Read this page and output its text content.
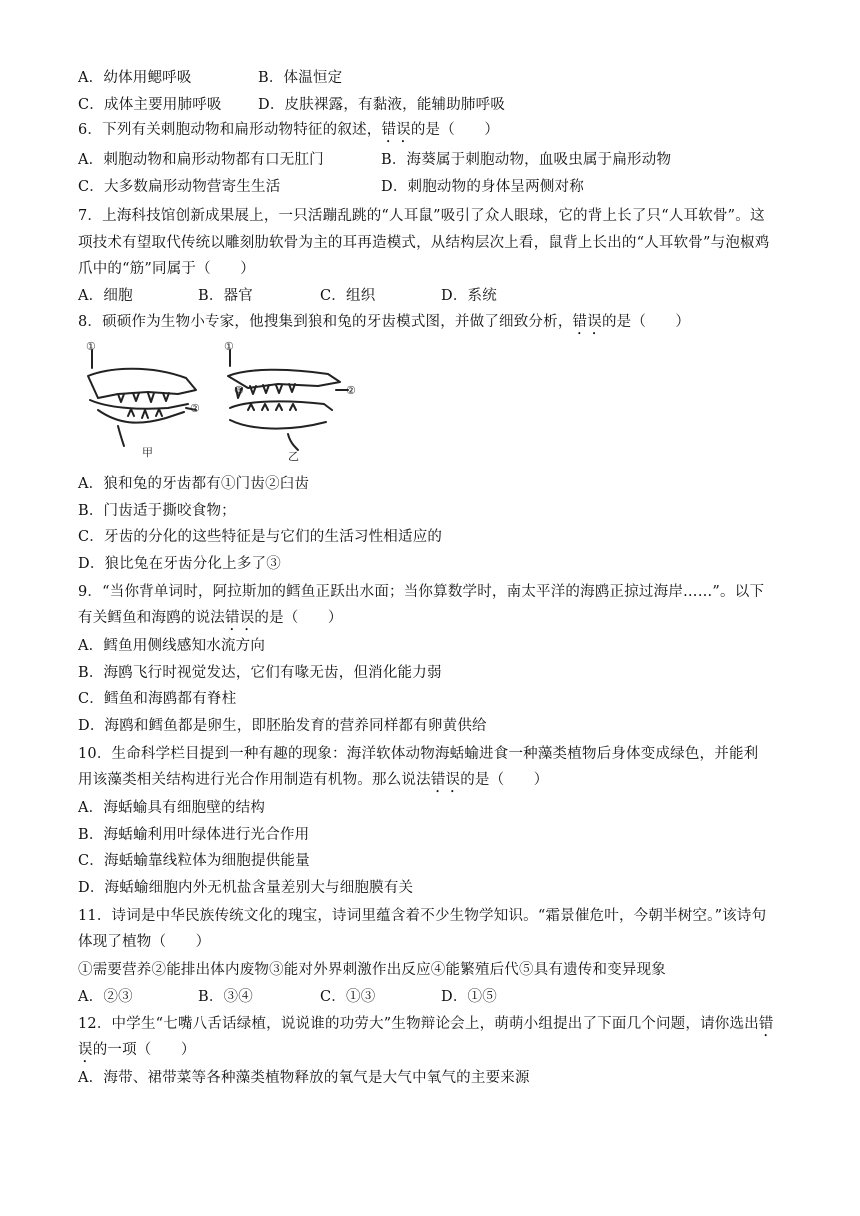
A．幼体用鳃呼吸	B．体温恒定
C．成体主要用肺呼吸	D．皮肤裸露，有黏液，能辅助肺呼吸
6．下列有关刺胞动物和扁形动物特征的叙述，错误的是（　　）
A．刺胞动物和扁形动物都有口无肛门	B．海葵属于刺胞动物，血吸虫属于扁形动物
C．大多数扁形动物营寄生生活	D．刺胞动物的身体呈两侧对称
7．上海科技馆创新成果展上，一只活蹦乱跳的“人耳鼠”吸引了众人眼球，它的背上长了只“人耳软骨”。这
项技术有望取代传统以雕刻肋软骨为主的耳再造模式，从结构层次上看，鼠背上长出的“人耳软骨”与泡椒鸡
爪中的“筋”同属于（　　）
A．细胞	B．器官	C．组织	D．系统
8．硕硕作为生物小专家，他搜集到狼和兔的牙齿模式图，并做了细致分析，错误的是（　　）
①
②
①
②
③
甲	乙
A．狼和兔的牙齿都有①门齿②臼齿
B．门齿适于撕咬食物；
C．牙齿的分化的这些特征是与它们的生活习性相适应的
D．狼比兔在牙齿分化上多了③
9．“当你背单词时，阿拉斯加的鳕鱼正跃出水面；当你算数学时，南太平洋的海鸥正掠过海岸……”。以下
有关鳕鱼和海鸥的说法错误的是（　　）
A．鳕鱼用侧线感知水流方向
B．海鸥飞行时视觉发达，它们有喙无齿，但消化能力弱
C．鳕鱼和海鸥都有脊柱
D．海鸥和鳕鱼都是卵生，即胚胎发育的营养同样都有卵黄供给
10．生命科学栏目提到一种有趣的现象：海洋软体动物海蛞蝓进食一种藻类植物后身体变成绿色，并能利
用该藻类相关结构进行光合作用制造有机物。那么说法错误的是（　　）
A．海蛞蝓具有细胞壁的结构
B．海蛞蝓利用叶绿体进行光合作用
C．海蛞蝓靠线粒体为细胞提供能量
D．海蛞蝓细胞内外无机盐含量差别大与细胞膜有关
11．诗词是中华民族传统文化的瑰宝，诗词里蕴含着不少生物学知识。“霜景催危叶，今朝半树空。”该诗句
体现了植物（　　）
①需要营养②能排出体内废物③能对外界刺激作出反应④能繁殖后代⑤具有遗传和变异现象
A．②③	B．③④	C．①③	D．①⑤
12．中学生“七嘴八舌话绿植，说说谁的功劳大”生物辩论会上，萌萌小组提出了下面几个问题，请你选出错
误的一项（　　）
A．海带、裙带菜等各种藻类植物释放的氧气是大气中氧气的主要来源
